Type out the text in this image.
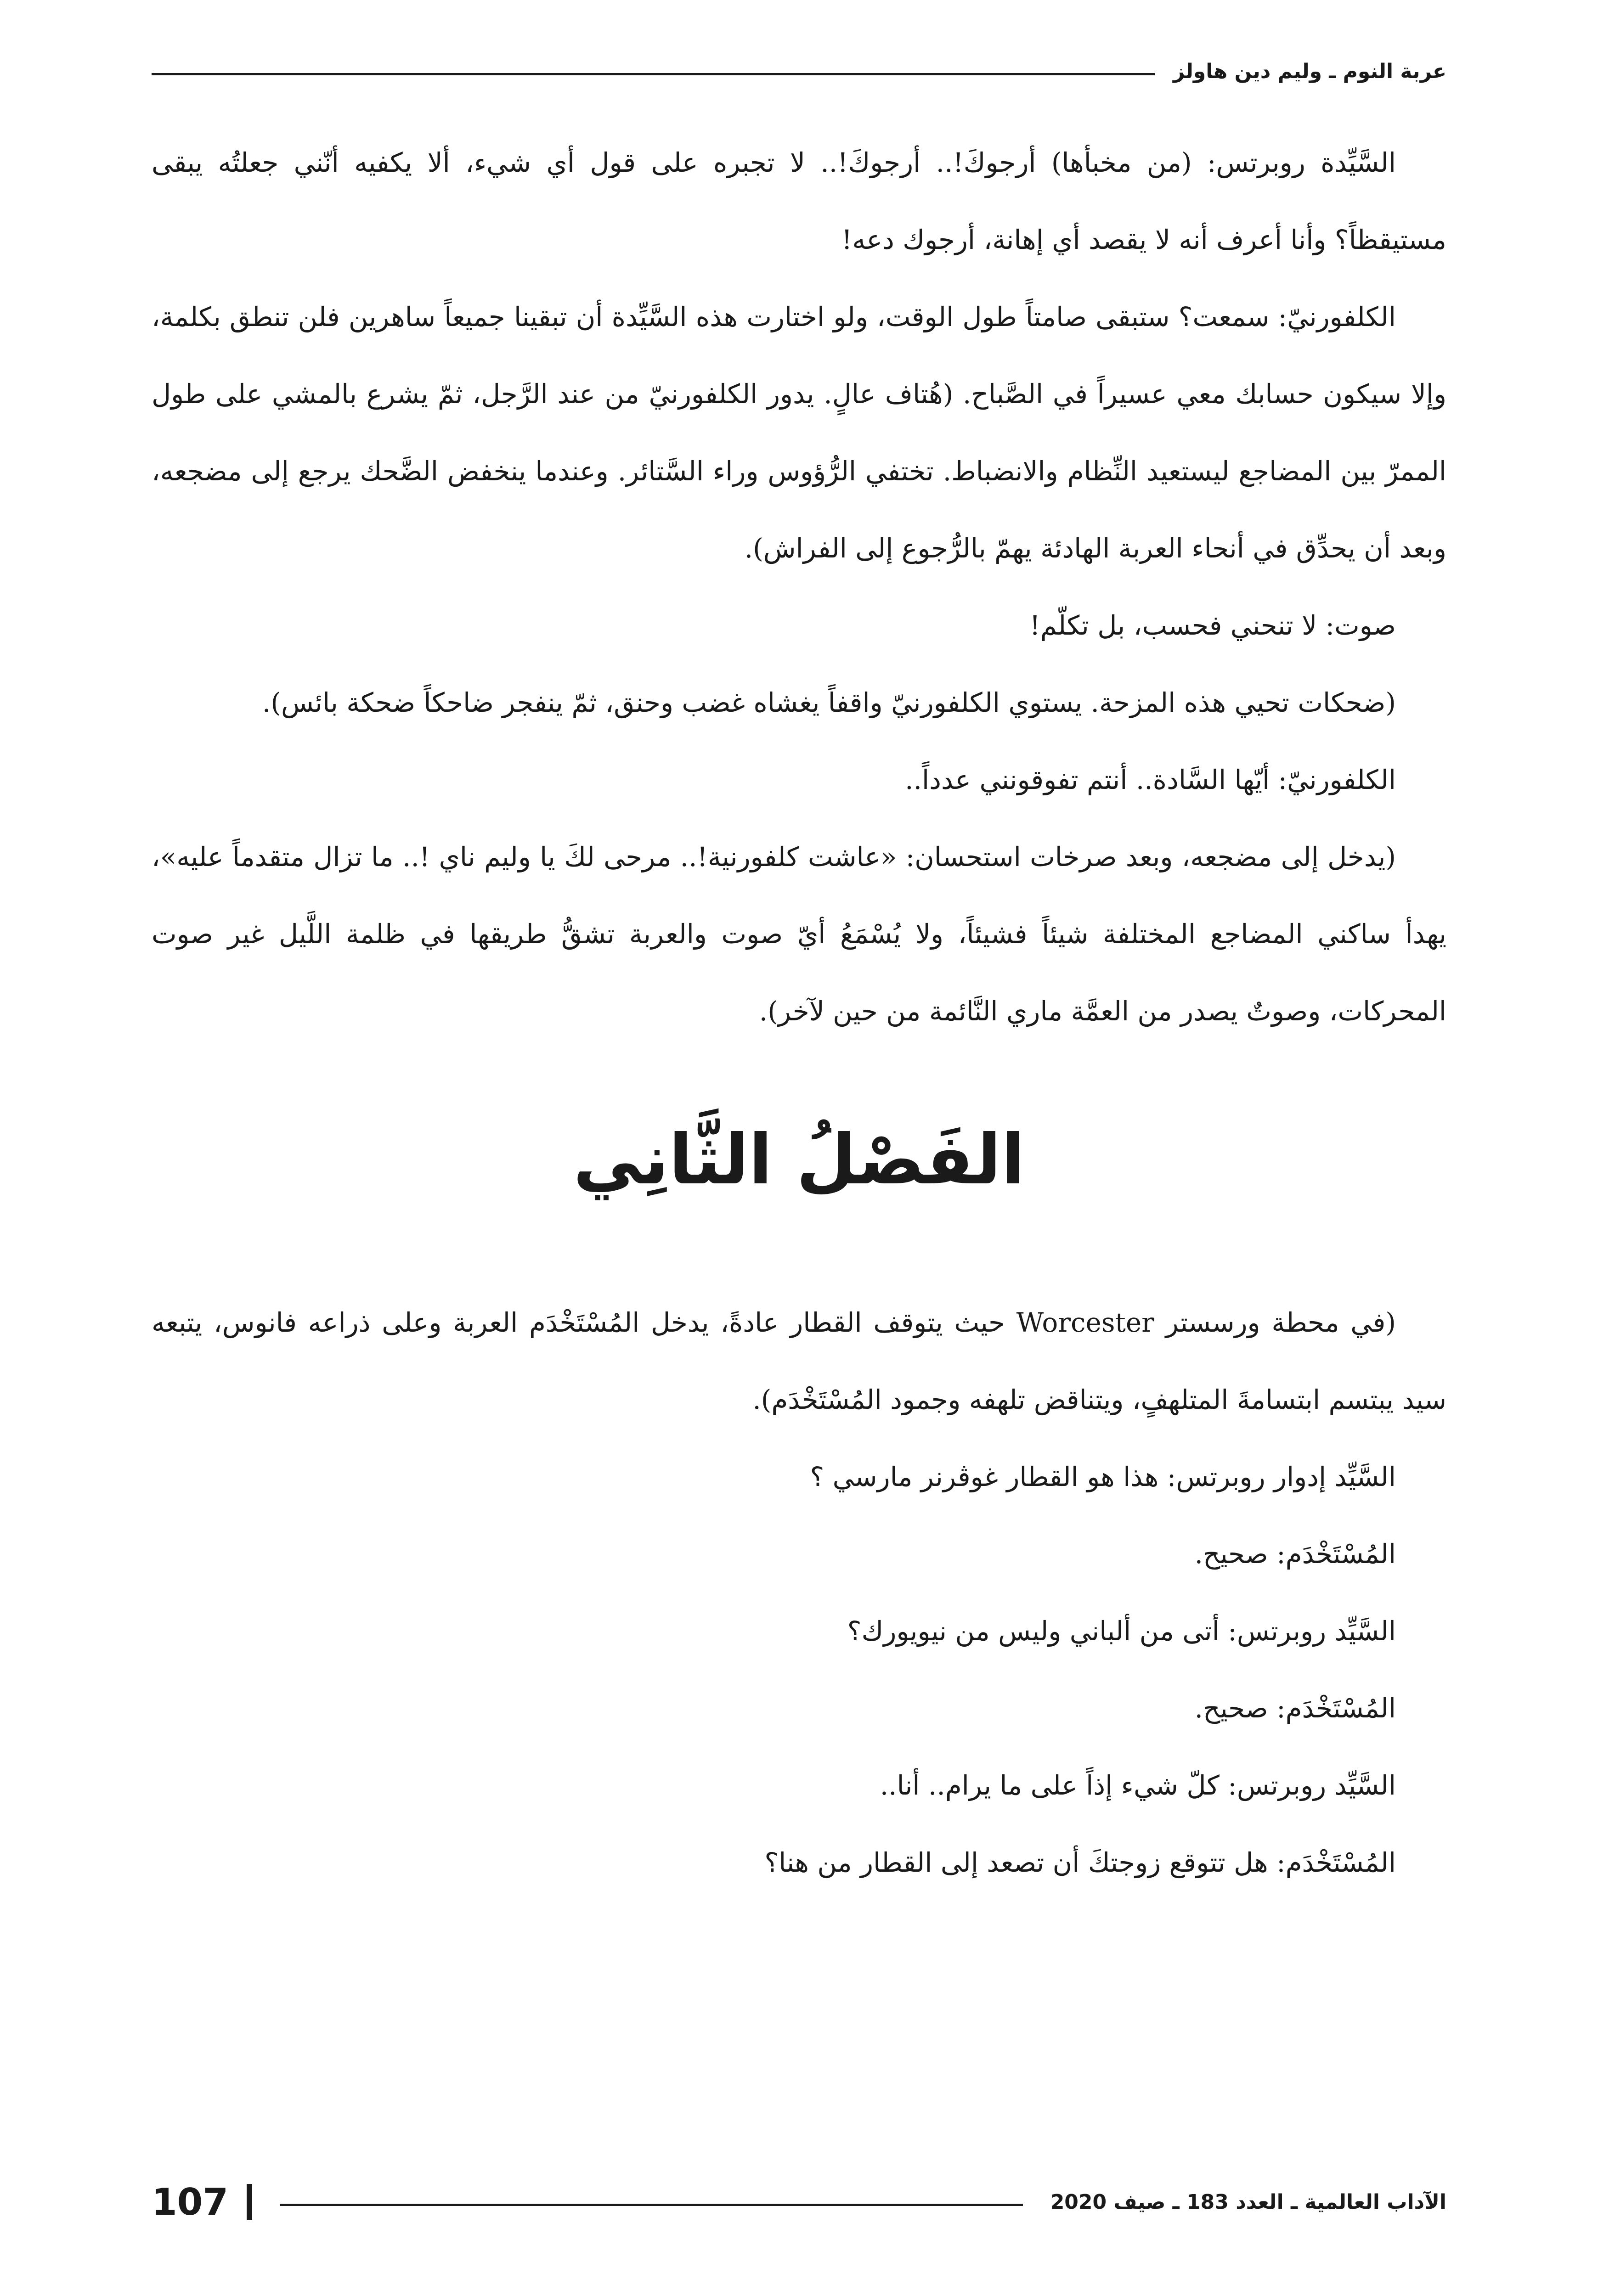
عربة النوم ـ وليم دين هاولز

السَّيِّدة روبرتس: (من مخبأها) أرجوكَ!.. أرجوكَ!.. لا تجبره على قول أي شيء، ألا يكفيه أنّني جعلتُه يبقى مستيقظاً؟ وأنا أعرف أنه لا يقصد أي إهانة، أرجوك دعه!

الكلفورنيّ: سمعت؟ ستبقى صامتاً طول الوقت، ولو اختارت هذه السَّيِّدة أن تبقينا جميعاً ساهرين فلن تنطق بكلمة، وإلا سيكون حسابك معي عسيراً في الصَّباح. (هُتاف عالٍ. يدور الكلفورنيّ من عند الرَّجل، ثمّ يشرع بالمشي على طول الممرّ بين المضاجع ليستعيد النِّظام والانضباط. تختفي الرُّؤوس وراء السَّتائر. وعندما ينخفض الضَّحك يرجع إلى مضجعه، وبعد أن يحدِّق في أنحاء العربة الهادئة يهمّ بالرُّجوع إلى الفراش).

صوت: لا تنحني فحسب، بل تكلّم!

(ضحكات تحيي هذه المزحة. يستوي الكلفورنيّ واقفاً يغشاه غضب وحنق، ثمّ ينفجر ضاحكاً ضحكة بائس).

الكلفورنيّ: أيّها السَّادة.. أنتم تفوقونني عدداً..

(يدخل إلى مضجعه، وبعد صرخات استحسان: «عاشت كلفورنية!.. مرحى لكَ يا وليم ناي !.. ما تزال متقدماً عليه»، يهدأ ساكني المضاجع المختلفة شيئاً فشيئاً، ولا يُسْمَعُ أيّ صوت والعربة تشقُّ طريقها في ظلمة اللَّيل غير صوت المحركات، وصوتٌ يصدر من العمَّة ماري النَّائمة من حين لآخر).

الفَصْلُ الثَّانِي

(في محطة ورسستر Worcester حيث يتوقف القطار عادةً، يدخل المُسْتَخْدَم العربة وعلى ذراعه فانوس، يتبعه سيد يبتسم ابتسامةَ المتلهفٍ، ويتناقض تلهفه وجمود المُسْتَخْدَم).

السَّيِّد إدوار روبرتس: هذا هو القطار غوڤرنر مارسي ؟

المُسْتَخْدَم: صحيح.

السَّيِّد روبرتس: أتى من ألباني وليس من نيويورك؟

المُسْتَخْدَم: صحيح.

السَّيِّد روبرتس: كلّ شيء إذاً على ما يرام.. أنا..

المُسْتَخْدَم: هل تتوقع زوجتكَ أن تصعد إلى القطار من هنا؟

الآداب العالمية ـ العدد 183 ـ صيف 2020
107
